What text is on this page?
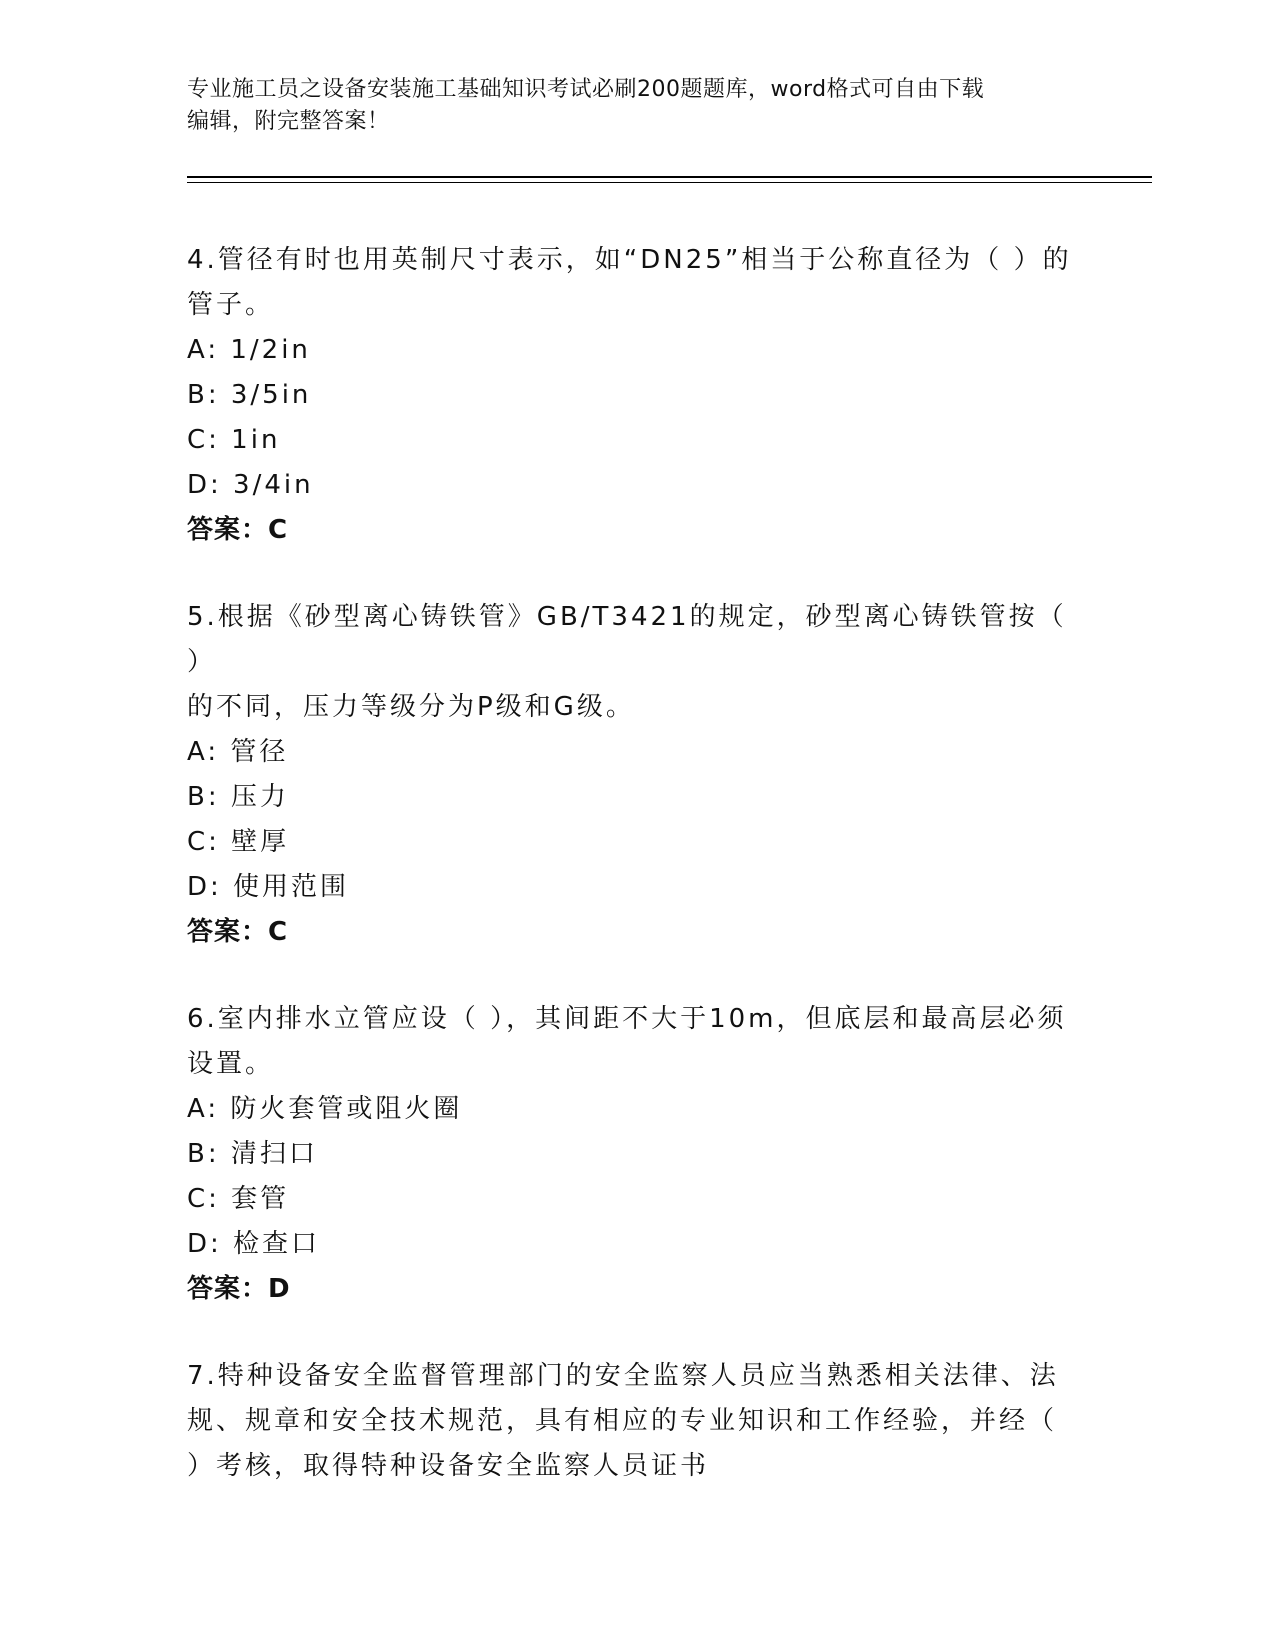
专业施工员之设备安装施工基础知识考试必刷200题题库，word格式可自由下载
编辑，附完整答案！
4.管径有时也用英制尺寸表示，如“DN25”相当于公称直径为（ ）的
管子。
A: 1/2in
B: 3/5in
C: 1in
D: 3/4in
答案：C
5.根据《砂型离心铸铁管》GB/T3421的规定，砂型离心铸铁管按（ ）
的不同，压力等级分为P级和G级。
A: 管径
B: 压力
C: 壁厚
D: 使用范围
答案：C
6.室内排水立管应设（ ），其间距不大于10m，但底层和最高层必须
设置。
A: 防火套管或阻火圈
B: 清扫口
C: 套管
D: 检查口
答案：D
7.特种设备安全监督管理部门的安全监察人员应当熟悉相关法律、法
规、规章和安全技术规范，具有相应的专业知识和工作经验，并经（
）考核，取得特种设备安全监察人员证书
